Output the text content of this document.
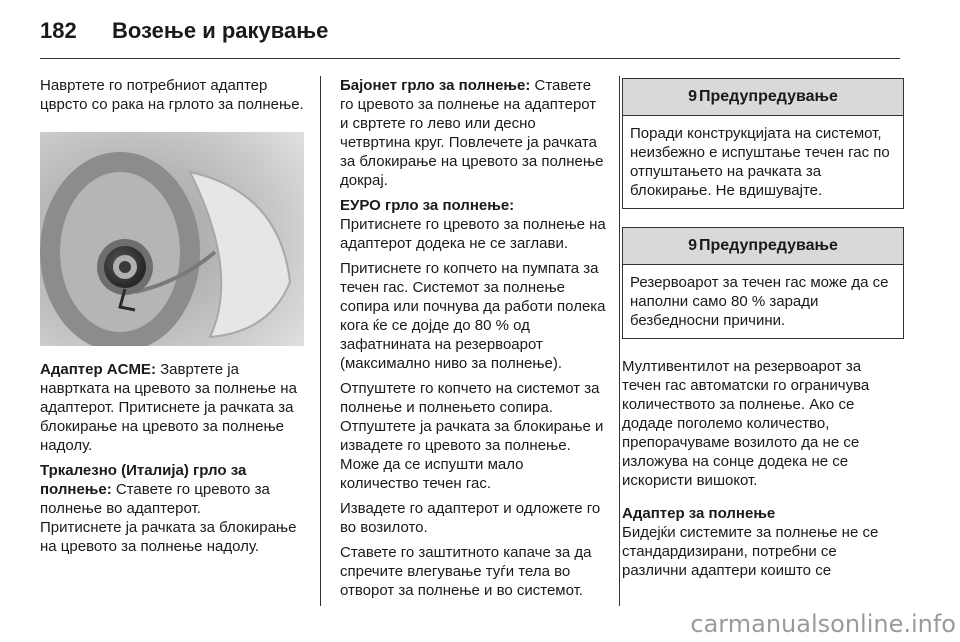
182 Возење и ракување

Навртете го потребниот адаптер цврсто со рака на грлото за полнење.

Адаптер ACME: Завртете ја навртката на цревото за полнење на адаптерот. Притиснете ја рачката за блокирање на цревото за полнење надолу.

Тркалезно (Италија) грло за полнење: Ставете го цревото за полнење во адаптерот.

Притиснете ја рачката за блокирање на цревото за полнење надолу.

Бајонет грло за полнење: Ставете го цревото за полнење на адаптерот и свртете го лево или десно четвртина круг. Повлечете ја рачката за блокирање на цревото за полнење докрај.

ЕУРО грло за полнење:
Притиснете го цревото за полнење на адаптерот додека не се заглави.

Притиснете го копчето на пумпата за течен гас. Системот за полнење сопира или почнува да работи полека кога ќе се дојде до 80 % од зафатнината на резервоарот (максимално ниво за полнење).

Отпуштете го копчето на системот за полнење и полнењето сопира. Отпуштете ја рачката за блокирање и извадете го цревото за полнење. Може да се испушти мало количество течен гас.

Извадете го адаптерот и одложете го во возилото.

Ставете го заштитното капаче за да спречите влегување туѓи тела во отворот за полнење и во системот.

9 Предупредување
Поради конструкцијата на системот, неизбежно е испуштање течен гас по отпуштањето на рачката за блокирање. Не вдишувајте.
9 Предупредување
Резервоарот за течен гас може да се наполни само 80 % заради безбедносни причини.

Мултивентилот на резервоарот за течен гас автоматски го ограничува количеството за полнење. Ако се додаде поголемо количество, препорачуваме возилото да не се изложува на сонце додека не се искористи вишокот.

Адаптер за полнење
Бидејќи системите за полнење не се стандардизирани, потребни се различни адаптери коишто се

carmanualsonline.info
